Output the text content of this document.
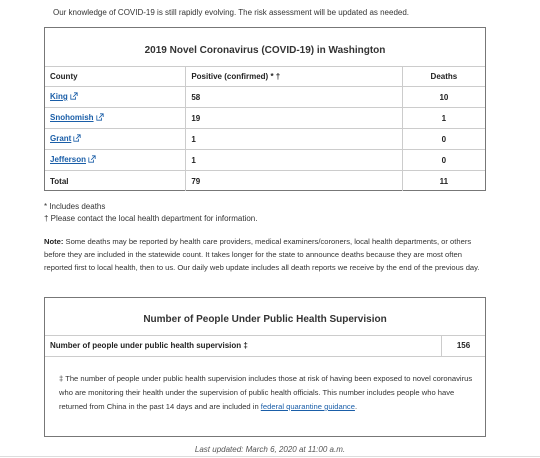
Our knowledge of COVID-19 is still rapidly evolving. The risk assessment will be updated as needed.
2019 Novel Coronavirus (COVID-19) in Washington
County	Positive (confirmed) * †	Deaths
King	58	10
Snohomish	19	1
Grant	1	0
Jefferson	1	0
Total	79	11
* Includes deaths
† Please contact the local health department for information.
Note: Some deaths may be reported by health care providers, medical examiners/coroners, local health departments, or others before they are included in the statewide count. It takes longer for the state to announce deaths because they are most often reported first to local health, then to us. Our daily web update includes all death reports we receive by the end of the previous day.
Number of People Under Public Health Supervision
Number of people under public health supervision ‡	156
‡ The number of people under public health supervision includes those at risk of having been exposed to novel coronavirus who are monitoring their health under the supervision of public health officials. This number includes people who have returned from China in the past 14 days and are included in federal quarantine guidance.
Last updated: March 6, 2020 at 11:00 a.m.
